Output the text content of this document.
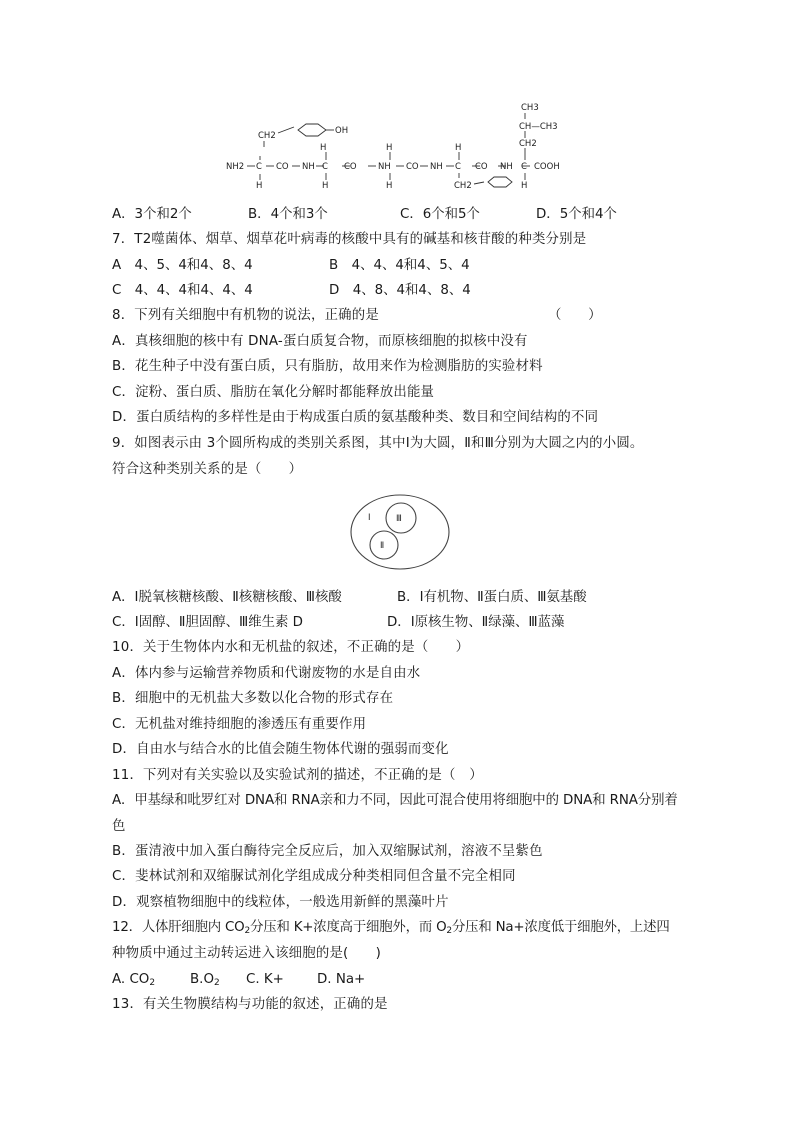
CH3
CH—CH3
CH2
CH2	OH
H	H	H
NH2 C CO NH C CO	NH CO NH C CO NH C COOH
H	H	H	CH2	H
A．3个和2个	B．4个和3个	C．6个和5个	D．5个和4个
7．T2噬菌体、烟草、烟草花叶病毒的核酸中具有的碱基和核苷酸的种类分别是
A　4、5、4和4、8、4	B　4、4、4和4、5、4
C　4、4、4和4、4、4	D　4、8、4和4、8、4
8．下列有关细胞中有机物的说法，正确的是	（　　）
A．真核细胞的核中有 DNA-蛋白质复合物，而原核细胞的拟核中没有
B．花生种子中没有蛋白质，只有脂肪，故用来作为检测脂肪的实验材料
C．淀粉、蛋白质、脂肪在氧化分解时都能释放出能量
D．蛋白质结构的多样性是由于构成蛋白质的氨基酸种类、数目和空间结构的不同
9．如图表示由 3个圆所构成的类别关系图，其中Ⅰ为大圆，Ⅱ和Ⅲ分别为大圆之内的小圆。
符合这种类别关系的是（　　）
Ⅰ	Ⅲ
Ⅱ
A．Ⅰ脱氧核糖核酸、Ⅱ核糖核酸、Ⅲ核酸	B．Ⅰ有机物、Ⅱ蛋白质、Ⅲ氨基酸
C．Ⅰ固醇、Ⅱ胆固醇、Ⅲ维生素 D	D．Ⅰ原核生物、Ⅱ绿藻、Ⅲ蓝藻
10．关于生物体内水和无机盐的叙述，不正确的是（　　）
A．体内参与运输营养物质和代谢废物的水是自由水
B．细胞中的无机盐大多数以化合物的形式存在
C．无机盐对维持细胞的渗透压有重要作用
D．自由水与结合水的比值会随生物体代谢的强弱而变化
11．下列对有关实验以及实验试剂的描述，不正确的是（　）
A．甲基绿和吡罗红对 DNA和 RNA亲和力不同，因此可混合使用将细胞中的 DNA和 RNA分别着
色
B．蛋清液中加入蛋白酶待完全反应后，加入双缩脲试剂，溶液不呈紫色
C．斐林试剂和双缩脲试剂化学组成成分种类相同但含量不完全相同
D．观察植物细胞中的线粒体，一般选用新鲜的黑藻叶片
12．人体肝细胞内 $CO_2$分压和 K+浓度高于细胞外，而 $O_2$分压和 Na+浓度低于细胞外，上述四
种物质中通过主动转运进入该细胞的是(　　)
A. $CO_2$	$B.O_2$ C. K+ D. Na+
13．有关生物膜结构与功能的叙述，正确的是
